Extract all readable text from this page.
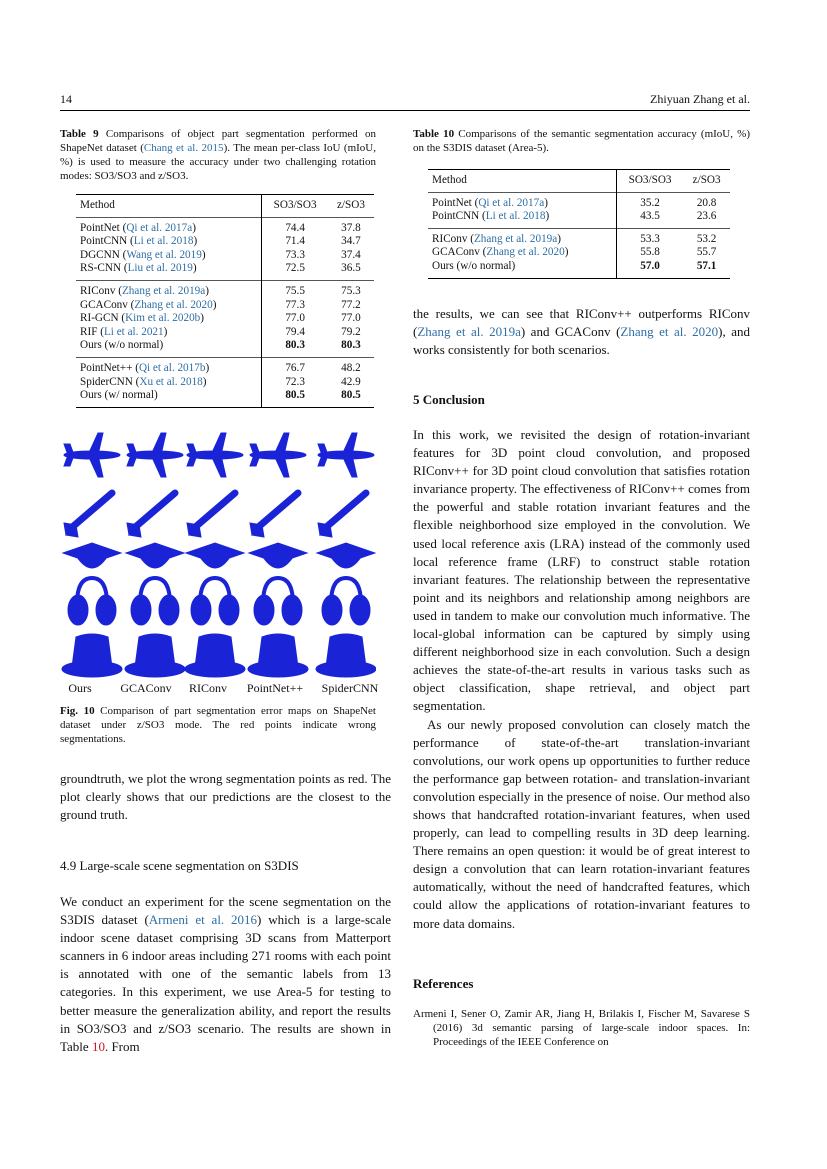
14	Zhiyuan Zhang et al.
Table 9 Comparisons of object part segmentation performed on ShapeNet dataset (Chang et al. 2015). The mean per-class IoU (mIoU, %) is used to measure the accuracy under two challenging rotation modes: SO3/SO3 and z/SO3.
Method	SO3/SO3	z/SO3
PointNet (Qi et al. 2017a)	74.4	37.8
PointCNN (Li et al. 2018)	71.4	34.7
DGCNN (Wang et al. 2019)	73.3	37.4
RS-CNN (Liu et al. 2019)	72.5	36.5
RIConv (Zhang et al. 2019a)	75.5	75.3
GCAConv (Zhang et al. 2020)	77.3	77.2
RI-GCN (Kim et al. 2020b)	77.0	77.0
RIF (Li et al. 2021)	79.4	79.2
Ours (w/o normal)	80.3	80.3
PointNet++ (Qi et al. 2017b)	76.7	48.2
SpiderCNN (Xu et al. 2018)	72.3	42.9
Ours (w/ normal)	80.5	80.5
Table 10 Comparisons of the semantic segmentation accuracy (mIoU, %) on the S3DIS dataset (Area-5).
Method	SO3/SO3	z/SO3
PointNet (Qi et al. 2017a)	35.2	20.8
PointCNN (Li et al. 2018)	43.5	23.6
RIConv (Zhang et al. 2019a)	53.3	53.2
GCAConv (Zhang et al. 2020)	55.8	55.7
Ours (w/o normal)	57.0	57.1
Ours GCAConv RIConv PointNet++ SpiderCNN
Fig. 10 Comparison of part segmentation error maps on ShapeNet dataset under z/SO3 mode. The red points indicate wrong segmentations.

groundtruth, we plot the wrong segmentation points as red. The plot clearly shows that our predictions are the closest to the ground truth.

4.9 Large-scale scene segmentation on S3DIS

We conduct an experiment for the scene segmentation on the S3DIS dataset (Armeni et al. 2016) which is a large-scale indoor scene dataset comprising 3D scans from Matterport scanners in 6 indoor areas including 271 rooms with each point is annotated with one of the semantic labels from 13 categories. In this experiment, we use Area-5 for testing to better measure the generalization ability, and report the results in SO3/SO3 and z/SO3 scenario. The results are shown in Table 10. From

the results, we can see that RIConv++ outperforms RIConv (Zhang et al. 2019a) and GCAConv (Zhang et al. 2020), and works consistently for both scenarios.

5 Conclusion

In this work, we revisited the design of rotation-invariant features for 3D point cloud convolution, and proposed RIConv++ for 3D point cloud convolution that satisfies rotation invariance property. The effectiveness of RIConv++ comes from the powerful and stable rotation invariant features and the flexible neighborhood size employed in the convolution. We used local reference axis (LRA) instead of the commonly used local reference frame (LRF) to construct stable rotation invariant features. The relationship between the representative point and its neighbors and relationship among neighbors are used in tandem to make our convolution much informative. The local-global information can be captured by simply using different neighborhood size in each convolution. Such a design achieves the state-of-the-art results in various tasks such as object classification, shape retrieval, and object part segmentation.

As our newly proposed convolution can closely match the performance of state-of-the-art translation-invariant convolutions, our work opens up opportunities to further reduce the performance gap between rotation- and translation-invariant convolution especially in the presence of noise. Our method also shows that handcrafted rotation-invariant features, when used properly, can lead to compelling results in 3D deep learning. There remains an open question: it would be of great interest to design a convolution that can learn rotation-invariant features automatically, without the need of handcrafted features, which could allow the applications of rotation-invariant features to more data domains.

References
Armeni I, Sener O, Zamir AR, Jiang H, Brilakis I, Fischer M, Savarese S (2016) 3d semantic parsing of large-scale indoor spaces. In: Proceedings of the IEEE Conference on
